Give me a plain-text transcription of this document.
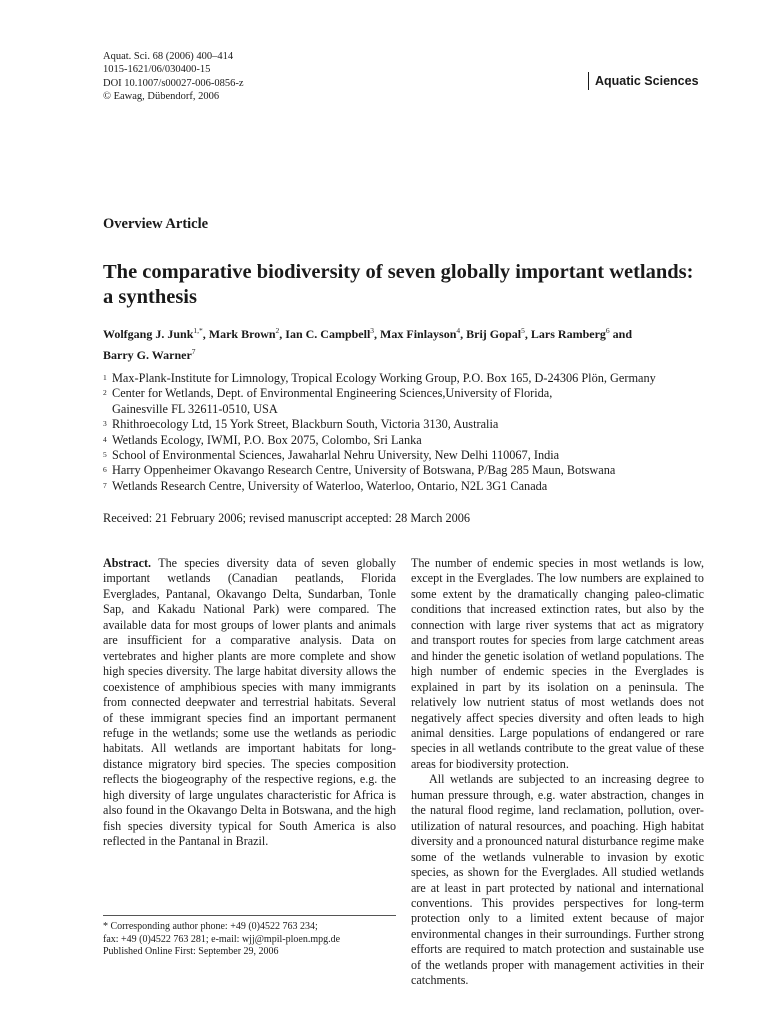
Aquat. Sci. 68 (2006) 400–414
1015-1621/06/030400-15
DOI 10.1007/s00027-006-0856-z
© Eawag, Dübendorf, 2006
Aquatic Sciences
Overview Article
The comparative biodiversity of seven globally important wetlands: a synthesis
Wolfgang J. Junk$^{1,*}$, Mark Brown$^2$, Ian C. Campbell$^3$, Max Finlayson$^4$, Brij Gopal$^5$, Lars Ramberg$^6$ and
Barry G. Warner$^7$
1 Max-Plank-Institute for Limnology, Tropical Ecology Working Group, P.O. Box 165, D-24306 Plön, Germany
2 Center for Wetlands, Dept. of Environmental Engineering Sciences,University of Florida,
Gainesville FL 32611-0510, USA
3 Rhithroecology Ltd, 15 York Street, Blackburn South, Victoria 3130, Australia
4 Wetlands Ecology, IWMI, P.O. Box 2075, Colombo, Sri Lanka
5 School of Environmental Sciences, Jawaharlal Nehru University, New Delhi 110067, India
6 Harry Oppenheimer Okavango Research Centre, University of Botswana, P/Bag 285 Maun, Botswana
7 Wetlands Research Centre, University of Waterloo, Waterloo, Ontario, N2L 3G1 Canada
Received: 21 February 2006; revised manuscript accepted: 28 March 2006

Abstract. The species diversity data of seven globally important wetlands (Canadian peatlands, Florida Everglades, Pantanal, Okavango Delta, Sundarban, Tonle Sap, and Kakadu National Park) were compared. The available data for most groups of lower plants and animals are insufficient for a comparative analysis. Data on vertebrates and higher plants are more complete and show high species diversity. The large habitat diversity allows the coexistence of amphibious species with many immigrants from connected deepwater and terrestrial habitats. Several of these immigrant species find an important permanent refuge in the wetlands; some use the wetlands as periodic habitats. All wetlands are important habitats for long-distance migratory bird species. The species composition reflects the biogeography of the respective regions, e.g. the high diversity of large ungulates characteristic for Africa is also found in the Okavango Delta in Botswana, and the high fish species diversity typical for South America is also reflected in the Pantanal in Brazil.

The number of endemic species in most wetlands is low, except in the Everglades. The low numbers are explained to some extent by the dramatically changing paleo-climatic conditions that increased extinction rates, but also by the connection with large river systems that act as migratory and transport routes for species from large catchment areas and hinder the genetic isolation of wetland populations. The high number of endemic species in the Everglades is explained in part by its isolation on a peninsula. The relatively low nutrient status of most wetlands does not negatively affect species diversity and often leads to high animal densities. Large populations of endangered or rare species in all wetlands contribute to the great value of these areas for biodiversity protection.

All wetlands are subjected to an increasing degree to human pressure through, e.g. water abstraction, changes in the natural flood regime, land reclamation, pollution, over-utilization of natural resources, and poaching. High habitat diversity and a pronounced natural disturbance regime make some of the wetlands vulnerable to invasion by exotic species, as shown for the Everglades. All studied wetlands are at least in part protected by national and international conventions. This provides perspectives for long-term protection only to a limited extent because of major environmental changes in their surroundings. Further strong efforts are required to match protection and sustainable use of the wetlands proper with management activities in their catchments.

* Corresponding author phone: +49 (0)4522 763 234;
fax: +49 (0)4522 763 281; e-mail: wjj@mpil-ploen.mpg.de
Published Online First: September 29, 2006
